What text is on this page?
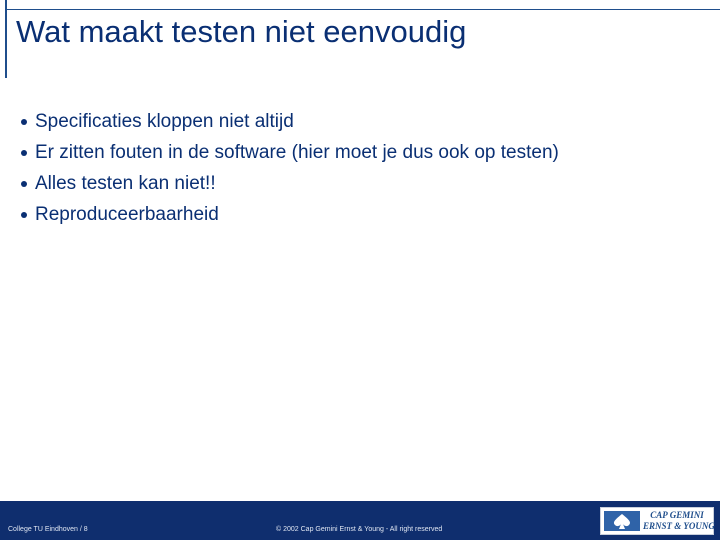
Wat maakt testen niet eenvoudig
Specificaties kloppen niet altijd
Er zitten fouten in de software (hier moet je dus ook op testen)
Alles testen kan niet!!
Reproduceerbaarheid
College TU Eindhoven / 8	© 2002 Cap Gemini Ernst & Young - All right reserved
CAP GEMINI
ERNST & YOUNG
